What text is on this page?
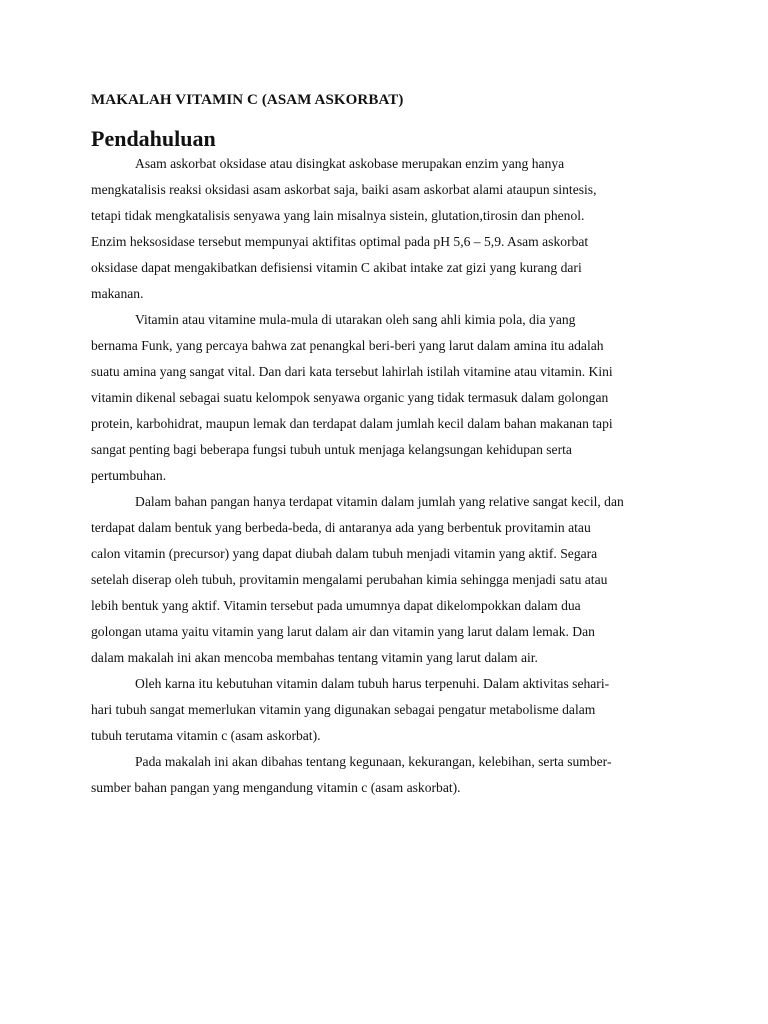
MAKALAH VITAMIN C (ASAM ASKORBAT)
Pendahuluan
Asam askorbat oksidase atau disingkat askobase merupakan enzim yang hanya
mengkatalisis reaksi oksidasi asam askorbat saja, baiki asam askorbat alami ataupun sintesis,
tetapi tidak mengkatalisis senyawa yang lain misalnya sistein, glutation,tirosin dan phenol.
Enzim heksosidase tersebut mempunyai aktifitas optimal pada pH 5,6 – 5,9. Asam askorbat
oksidase dapat mengakibatkan defisiensi vitamin C akibat intake zat gizi yang kurang dari
makanan.
Vitamin atau vitamine mula-mula di utarakan oleh sang ahli kimia pola, dia yang
bernama Funk, yang percaya bahwa zat penangkal beri-beri yang larut dalam amina itu adalah
suatu amina yang sangat vital. Dan dari kata tersebut lahirlah istilah vitamine atau vitamin. Kini
vitamin dikenal sebagai suatu kelompok senyawa organic yang tidak termasuk dalam golongan
protein, karbohidrat, maupun lemak dan terdapat dalam jumlah kecil dalam bahan makanan tapi
sangat penting bagi beberapa fungsi tubuh untuk menjaga kelangsungan kehidupan serta
pertumbuhan.
Dalam bahan pangan hanya terdapat vitamin dalam jumlah yang relative sangat kecil, dan
terdapat dalam bentuk yang berbeda-beda, di antaranya ada yang berbentuk provitamin atau
calon vitamin (precursor) yang dapat diubah dalam tubuh menjadi vitamin yang aktif. Segara
setelah diserap oleh tubuh, provitamin mengalami perubahan kimia sehingga menjadi satu atau
lebih bentuk yang aktif. Vitamin tersebut pada umumnya dapat dikelompokkan dalam dua
golongan utama yaitu vitamin yang larut dalam air dan vitamin yang larut dalam lemak. Dan
dalam makalah ini akan mencoba membahas tentang vitamin yang larut dalam air.
Oleh karna itu kebutuhan vitamin dalam tubuh harus terpenuhi. Dalam aktivitas sehari-
hari tubuh sangat memerlukan vitamin yang digunakan sebagai pengatur metabolisme dalam
tubuh terutama vitamin c (asam askorbat).
Pada makalah ini akan dibahas tentang kegunaan, kekurangan, kelebihan, serta sumber-
sumber bahan pangan yang mengandung vitamin c (asam askorbat).
